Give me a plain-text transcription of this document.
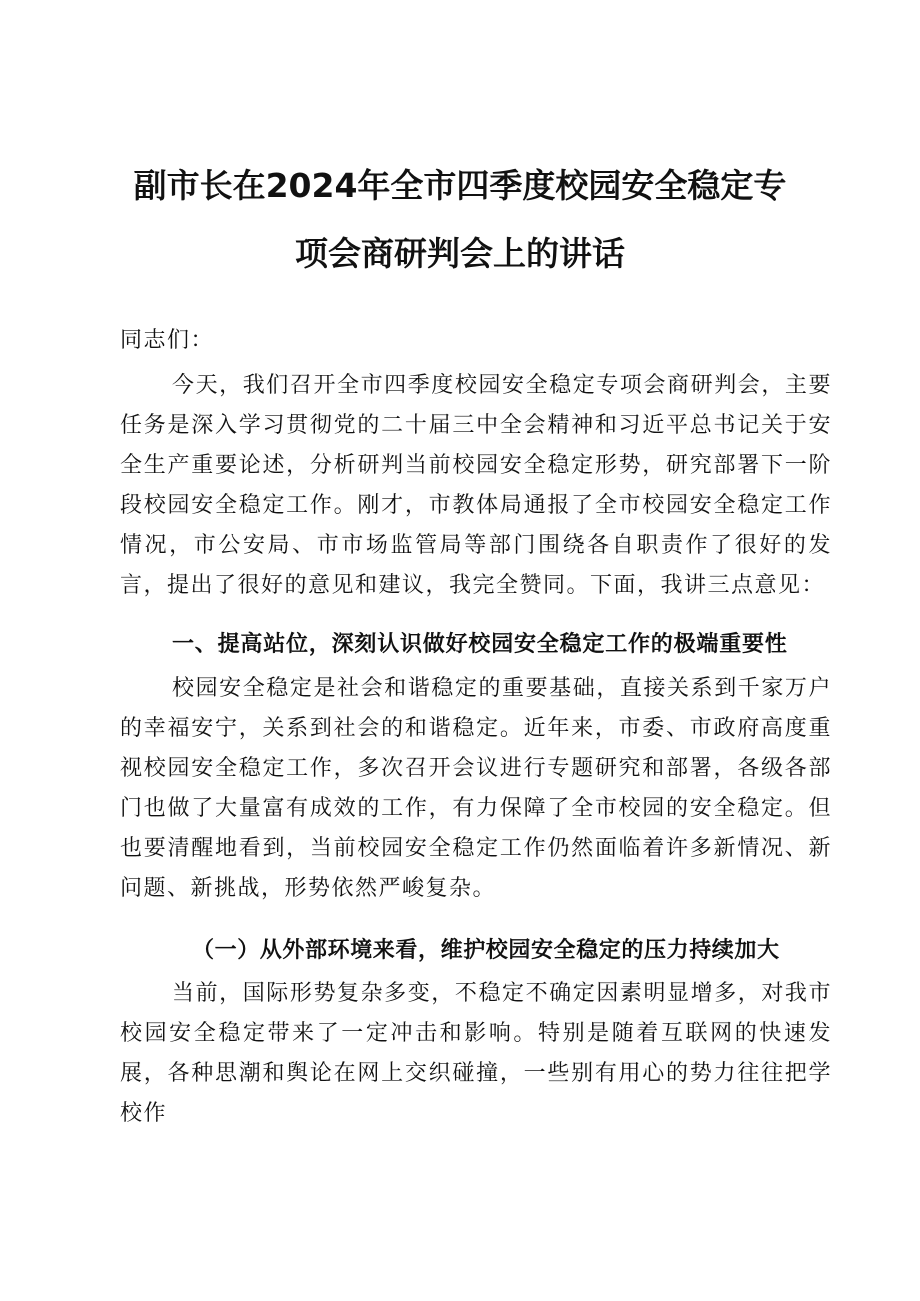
副市长在2024年全市四季度校园安全稳定专
项会商研判会上的讲话

同志们：

今天，我们召开全市四季度校园安全稳定专项会商研判会，主要任务是深入学习贯彻党的二十届三中全会精神和习近平总书记关于安全生产重要论述，分析研判当前校园安全稳定形势，研究部署下一阶段校园安全稳定工作。刚才，市教体局通报了全市校园安全稳定工作情况，市公安局、市市场监管局等部门围绕各自职责作了很好的发言，提出了很好的意见和建议，我完全赞同。下面，我讲三点意见：

一、提高站位，深刻认识做好校园安全稳定工作的极端重要性

校园安全稳定是社会和谐稳定的重要基础，直接关系到千家万户的幸福安宁，关系到社会的和谐稳定。近年来，市委、市政府高度重视校园安全稳定工作，多次召开会议进行专题研究和部署，各级各部门也做了大量富有成效的工作，有力保障了全市校园的安全稳定。但也要清醒地看到，当前校园安全稳定工作仍然面临着许多新情况、新问题、新挑战，形势依然严峻复杂。

（一）从外部环境来看，维护校园安全稳定的压力持续加大

当前，国际形势复杂多变，不稳定不确定因素明显增多，对我市校园安全稳定带来了一定冲击和影响。特别是随着互联网的快速发展，各种思潮和舆论在网上交织碰撞，一些别有用心的势力往往把学校作
